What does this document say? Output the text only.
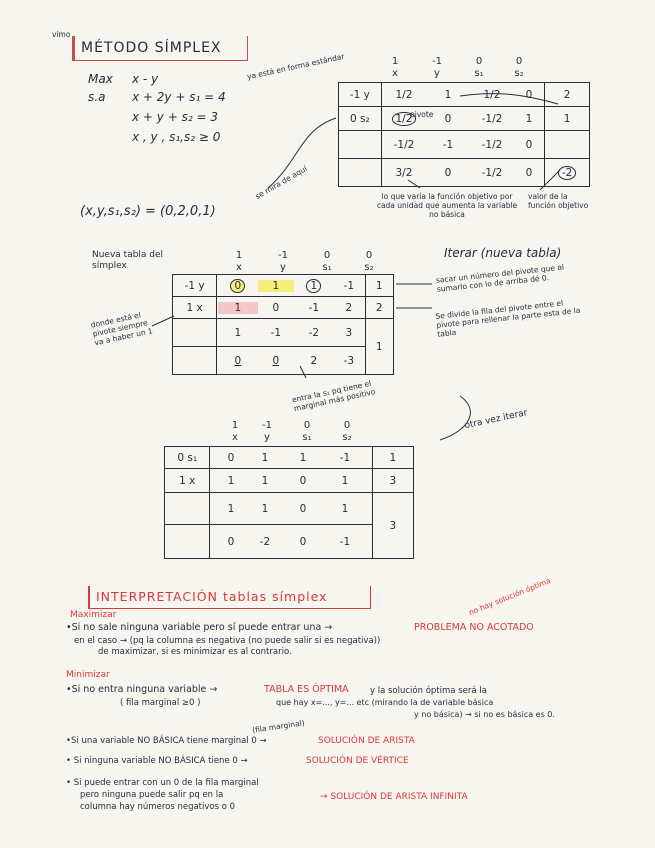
vimo
MÉTODO SÍMPLEX
Max x - y
s.a x + 2y + s₁ = 4
x + y + s₂ = 3
x , y , s₁,s₂ ≥ 0
ya está en forma estándar
(x,y,s₁,s₂) = (0,2,0,1)
se mira de aquí
1	-1	0	0
x	y	s₁	s₂
-1 y	1/2 1 1/2 0	2
0 s₂	1/2 0 -1/2 1	1
	-1/2 -1 -1/2 0	
	3/2 0 -1/2 0	-2
pivote
lo que varía la función objetivo por cada unidad que aumenta la variable no básica
valor de la función objetivo
Nueva tabla del símplex
Iterar (nueva tabla)
1	-1	0	0
x	y	s₁	s₂
-1 y	0 1 1 -1	1
1 x	1 0 -1 2	2
	1 -1 -2 3	1
	0 0 2 -3	
sacar un número del pivote que al sumarlo con lo de arriba dé 0.
Se divide la fila del pivote entre el pivote para rellenar la parte esta de la tabla
donde está el pivote siempre va a haber un 1
entra la s₁ pq tiene el marginal más positivo
otra vez iterar
1	-1	0	0
x	y	s₁	s₂
0 s₁	0 1 1 -1	1
1 x	1 1 0 1	3
	1 1 0 1	3
	0 -2 0 -1	
INTERPRETACIÓN tablas símplex
Maximizar	no hay solución óptima
•Si no sale ninguna variable pero sí puede entrar una →	PROBLEMA NO ACOTADO
en el caso → (pq la columna es negativa (no puede salir si es negativa))
de maximizar, si es minimizar es al contrario.
Minimizar
•Si no entra ninguna variable →	TABLA ES ÓPTIMA	y la solución óptima será la
( fila marginal ≥0 )	que hay x=..., y=... etc (mirando la de variable básica
y no básica) → si no es básica es 0.
(fila marginal)
•Si una variable NO BÁSICA tiene marginal 0 →	SOLUCIÓN DE ARISTA
• Si ninguna variable NO BÁSICA tiene 0 →	SOLUCIÓN DE VÉRTICE
• Si puede entrar con un 0 de la fila marginal
pero ninguna puede salir pq en la
columna hay números negativos o 0
→ SOLUCIÓN DE ARISTA INFINITA
